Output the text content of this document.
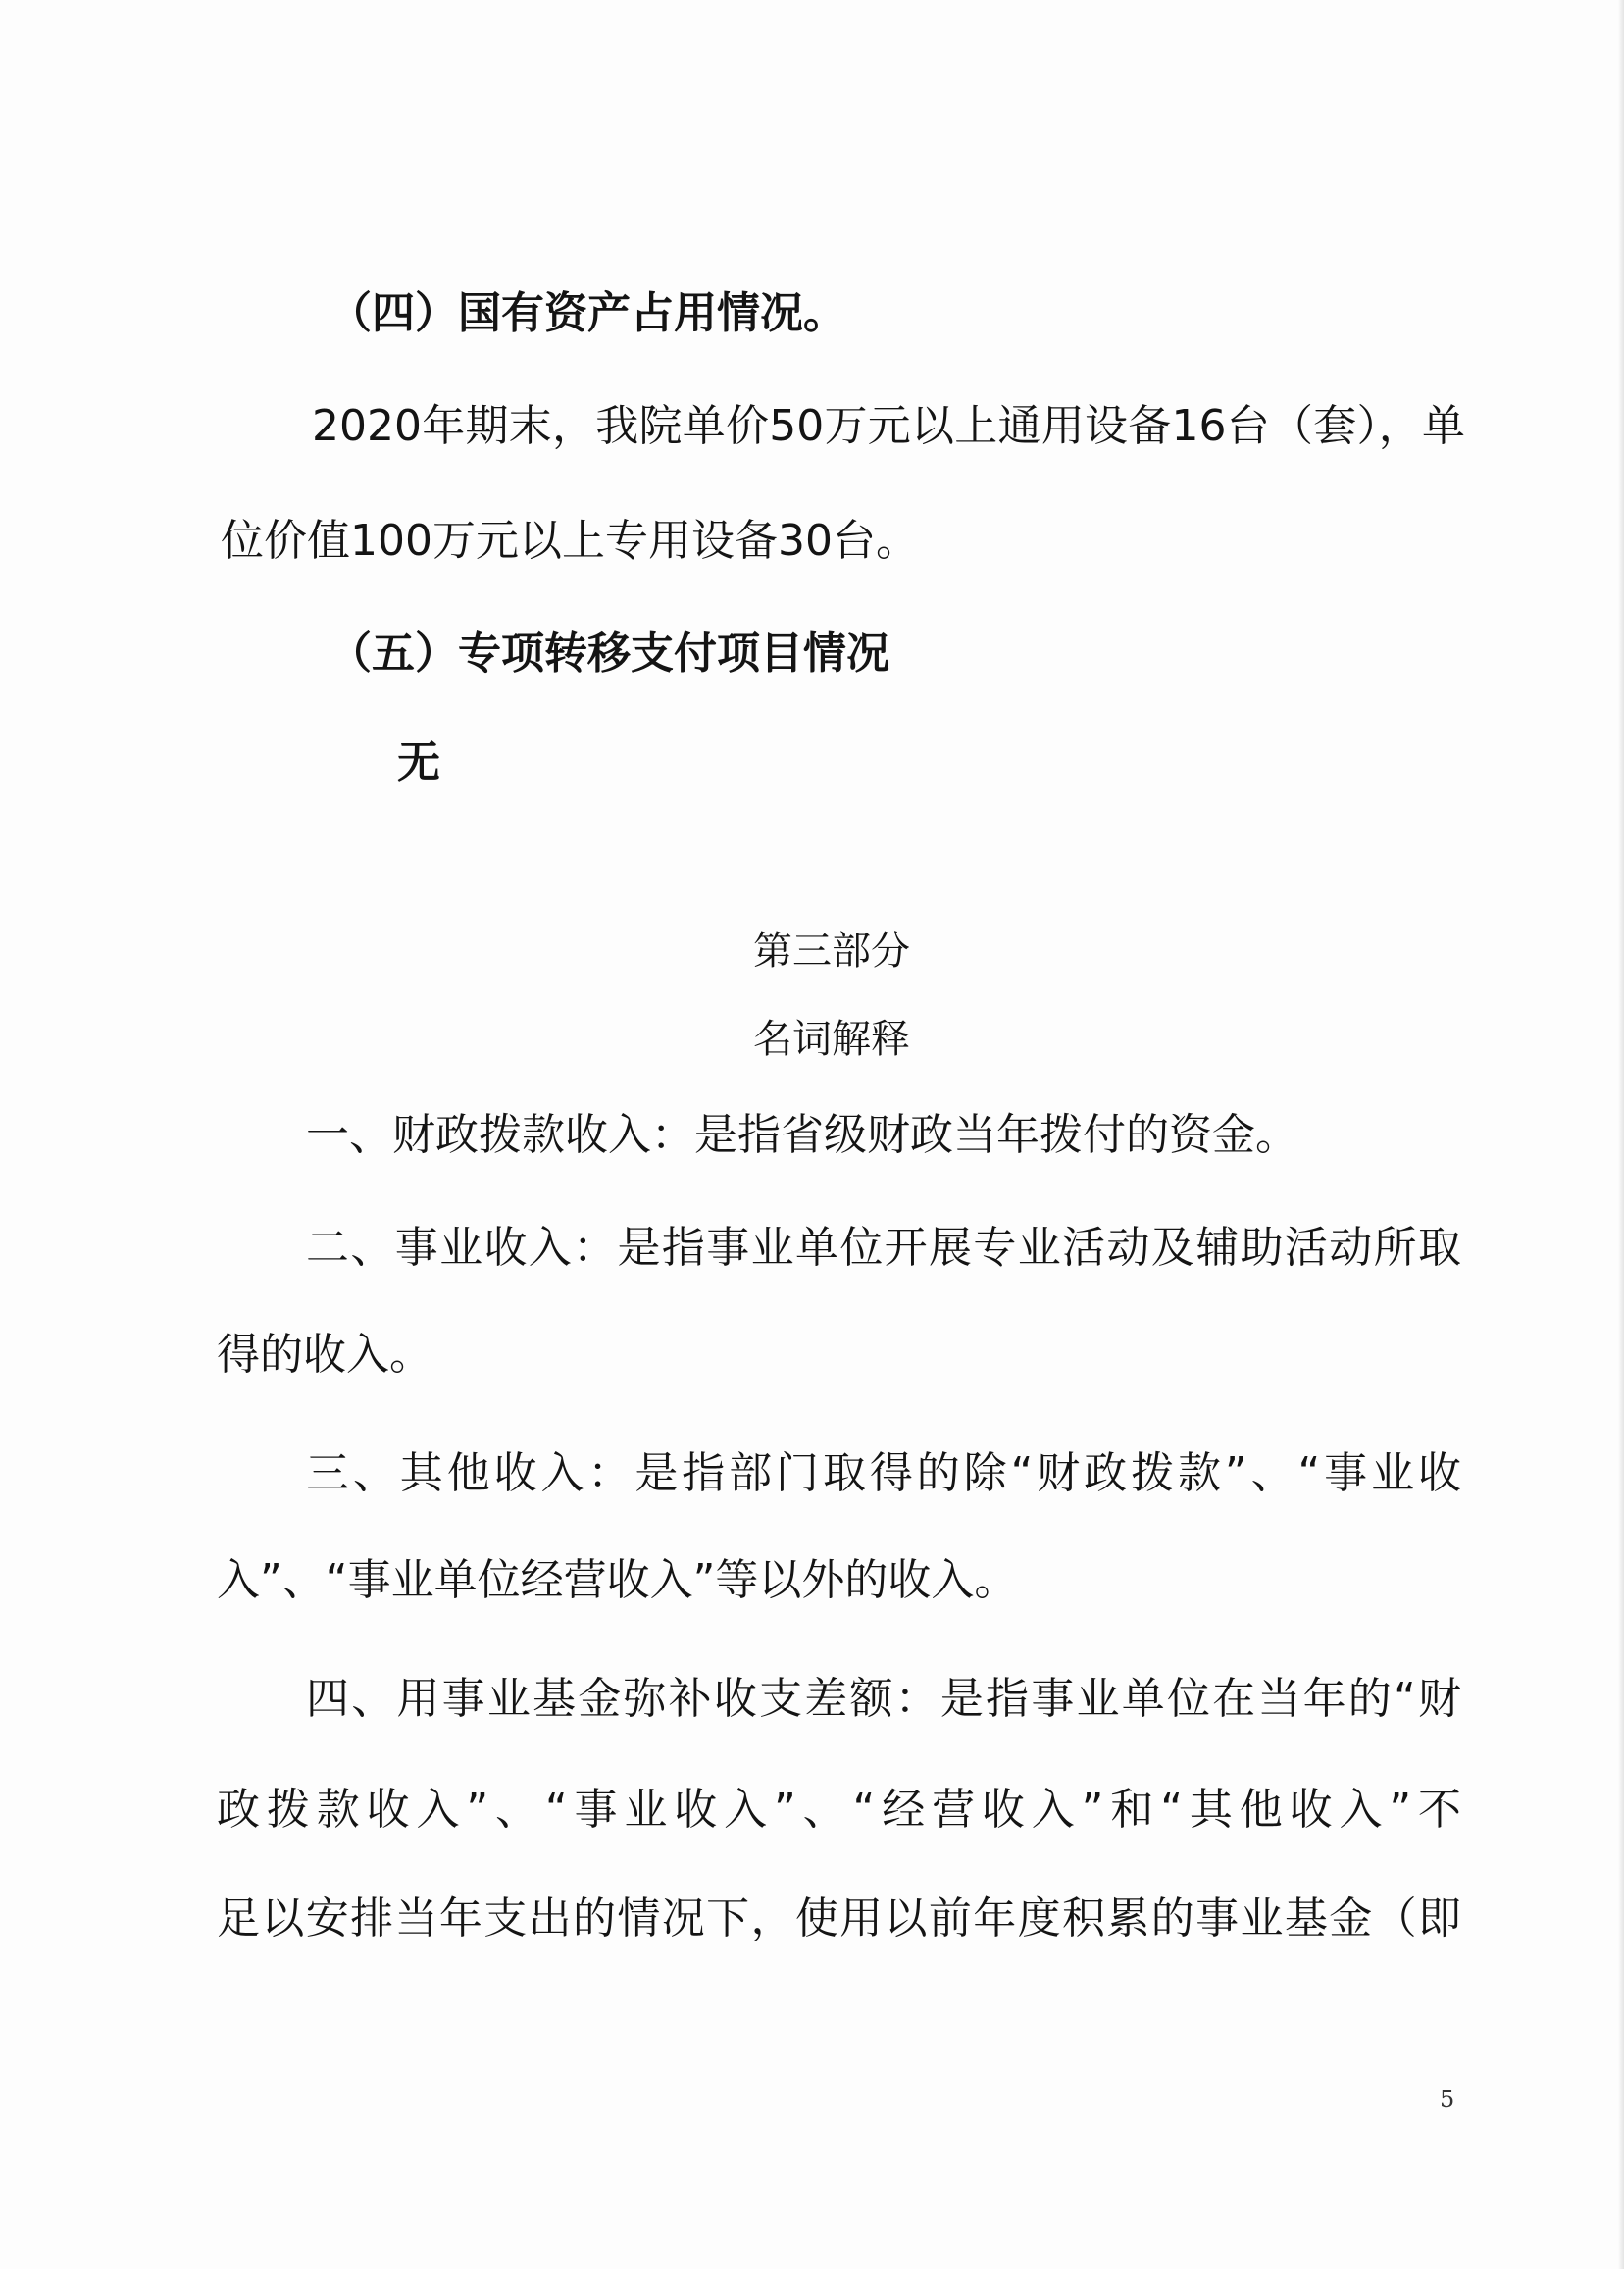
（四）国有资产占用情况。
2020年期末，我院单价50万元以上通用设备16台（套），单
位价值100万元以上专用设备30台。
（五）专项转移支付项目情况
无
第三部分
名词解释
一、财政拨款收入：是指省级财政当年拨付的资金。
二、事业收入：是指事业单位开展专业活动及辅助活动所取
得的收入。
三、其他收入：是指部门取得的除“财政拨款”、“事业收
入”、“事业单位经营收入”等以外的收入。
四、用事业基金弥补收支差额：是指事业单位在当年的“财
政拨款收入”、“事业收入”、“经营收入”和“其他收入”不
足以安排当年支出的情况下，使用以前年度积累的事业基金（即
5
